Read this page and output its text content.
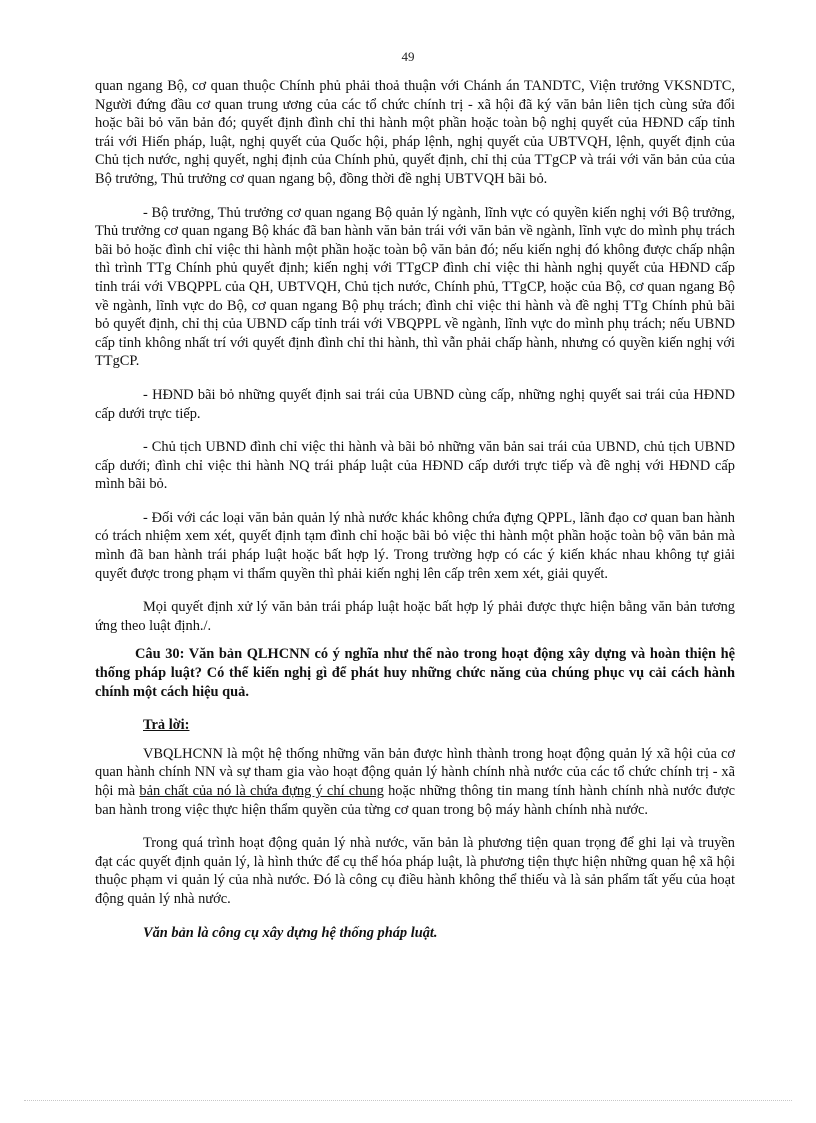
49

quan ngang Bộ, cơ quan thuộc Chính phủ phải thoả thuận với Chánh án TANDTC, Viện trưởng VKSNDTC, Người đứng đầu cơ quan trung ương của các tổ chức chính trị - xã hội đã ký văn bản liên tịch cùng sửa đổi hoặc bãi bỏ văn bản đó; quyết định đình chỉ thi hành một phần hoặc toàn bộ nghị quyết của HĐND cấp tỉnh trái với Hiến pháp, luật, nghị quyết của Quốc hội, pháp lệnh, nghị quyết của UBTVQH, lệnh, quyết định của Chủ tịch nước, nghị quyết, nghị định của Chính phủ, quyết định, chỉ thị của TTgCP và trái với văn bản của của Bộ trưởng, Thủ trưởng cơ quan ngang bộ, đồng thời đề nghị UBTVQH bãi bỏ.

- Bộ trưởng, Thủ trưởng cơ quan ngang Bộ quản lý ngành, lĩnh vực có quyền kiến nghị với Bộ trưởng, Thủ trưởng cơ quan ngang Bộ khác đã ban hành văn bản trái với văn bản về ngành, lĩnh vực do mình phụ trách bãi bỏ hoặc đình chỉ việc thi hành một phần hoặc toàn bộ văn bản đó; nếu kiến nghị đó không được chấp nhận thì trình TTg Chính phủ quyết định; kiến nghị với TTgCP đình chỉ việc thi hành nghị quyết của HĐND cấp tỉnh trái với VBQPPL của QH, UBTVQH, Chủ tịch nước, Chính phủ, TTgCP, hoặc của Bộ, cơ quan ngang Bộ về ngành, lĩnh vực do Bộ, cơ quan ngang Bộ phụ trách; đình chỉ việc thi hành và đề nghị TTg Chính phủ bãi bỏ quyết định, chỉ thị của UBND cấp tỉnh trái với VBQPPL về ngành, lĩnh vực do mình phụ trách; nếu UBND cấp tỉnh không nhất trí với quyết định đình chỉ thi hành, thì vẫn phải chấp hành, nhưng có quyền kiến nghị với TTgCP.

- HĐND bãi bỏ những quyết định sai trái của UBND cùng cấp, những nghị quyết sai trái của HĐND cấp dưới trực tiếp.

- Chủ tịch UBND đình chỉ việc thi hành và bãi bỏ những văn bản sai trái của UBND, chủ tịch UBND cấp dưới; đình chỉ việc thi hành NQ trái pháp luật của HĐND cấp dưới trực tiếp và đề nghị với HĐND cấp mình bãi bỏ.

- Đối với các loại văn bản quản lý nhà nước khác không chứa đựng QPPL, lãnh đạo cơ quan ban hành có trách nhiệm xem xét, quyết định tạm đình chỉ hoặc bãi bỏ việc thi hành một phần hoặc toàn bộ văn bản mà mình đã ban hành trái pháp luật hoặc bất hợp lý. Trong trường hợp có các ý kiến khác nhau không tự giải quyết được trong phạm vi thẩm quyền thì phải kiến nghị lên cấp trên xem xét, giải quyết.

Mọi quyết định xử lý văn bản trái pháp luật hoặc bất hợp lý phải được thực hiện bằng văn bản tương ứng theo luật định./.

Câu 30: Văn bản QLHCNN có ý nghĩa như thế nào trong hoạt động xây dựng và hoàn thiện hệ thống pháp luật? Có thể kiến nghị gì để phát huy những chức năng của chúng phục vụ cải cách hành chính một cách hiệu quả.

Trả lời:

VBQLHCNN là một hệ thống những văn bản được hình thành trong hoạt động quản lý xã hội của cơ quan hành chính NN và sự tham gia vào hoạt động quản lý hành chính nhà nước của các tổ chức chính trị - xã hội mà bản chất của nó là chứa đựng ý chí chung hoặc những thông tin mang tính hành chính nhà nước được ban hành trong việc thực hiện thẩm quyền của từng cơ quan trong bộ máy hành chính nhà nước.

Trong quá trình hoạt động quản lý nhà nước, văn bản là phương tiện quan trọng để ghi lại và truyền đạt các quyết định quản lý, là hình thức để cụ thể hóa pháp luật, là phương tiện thực hiện những quan hệ xã hội thuộc phạm vi quản lý của nhà nước. Đó là công cụ điều hành không thể thiếu và là sản phẩm tất yếu của hoạt động quản lý nhà nước.

Văn bản là công cụ xây dựng hệ thống pháp luật.
